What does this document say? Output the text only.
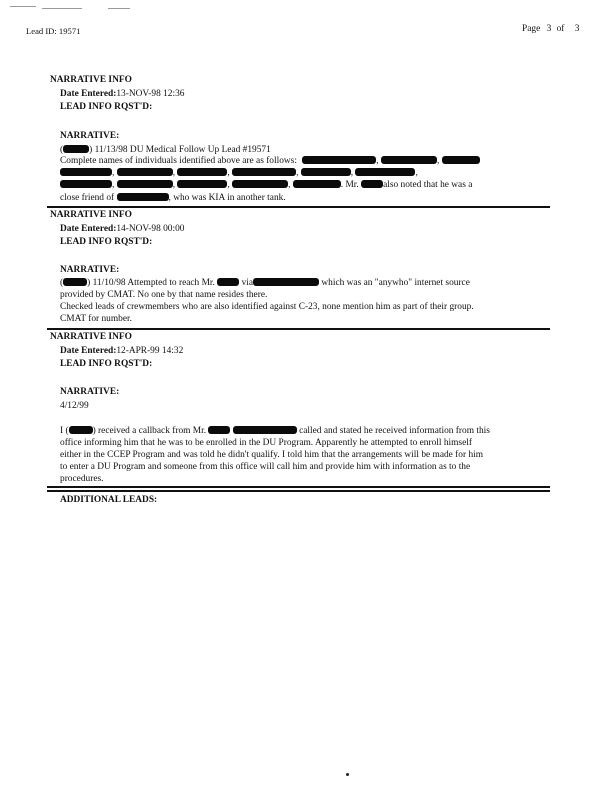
Lead ID: 19571	Page 3 of 3
NARRATIVE INFO
Date Entered:13-NOV-98 12:36
LEAD INFO RQST'D:
NARRATIVE:
(	) 11/13/98 DU Medical Follow Up Lead #19571
Complete names of individuals identified above are as follows:	,	,
,	,	,	,	,	,
,	,	,	,	. Mr.	also noted that he was a
close friend of	, who was KIA in another tank.
NARRATIVE INFO
Date Entered:14-NOV-98 00:00
LEAD INFO RQST'D:
NARRATIVE:
(	) 11/10/98 Attempted to reach Mr.	via	which was an "anywho" internet source
provided by CMAT. No one by that name resides there.
Checked leads of crewmembers who are also identified against C-23, none mention him as part of their group.
CMAT for number.
NARRATIVE INFO
Date Entered:12-APR-99 14:32
LEAD INFO RQST'D:
NARRATIVE:
4/12/99
I (	) received a callback from Mr.	called and stated he received information from this
office informing him that he was to be enrolled in the DU Program. Apparently he attempted to enroll himself
either in the CCEP Program and was told he didn't qualify. I told him that the arrangements will be made for him
to enter a DU Program and someone from this office will call him and provide him with information as to the
procedures.
ADDITIONAL LEADS:
